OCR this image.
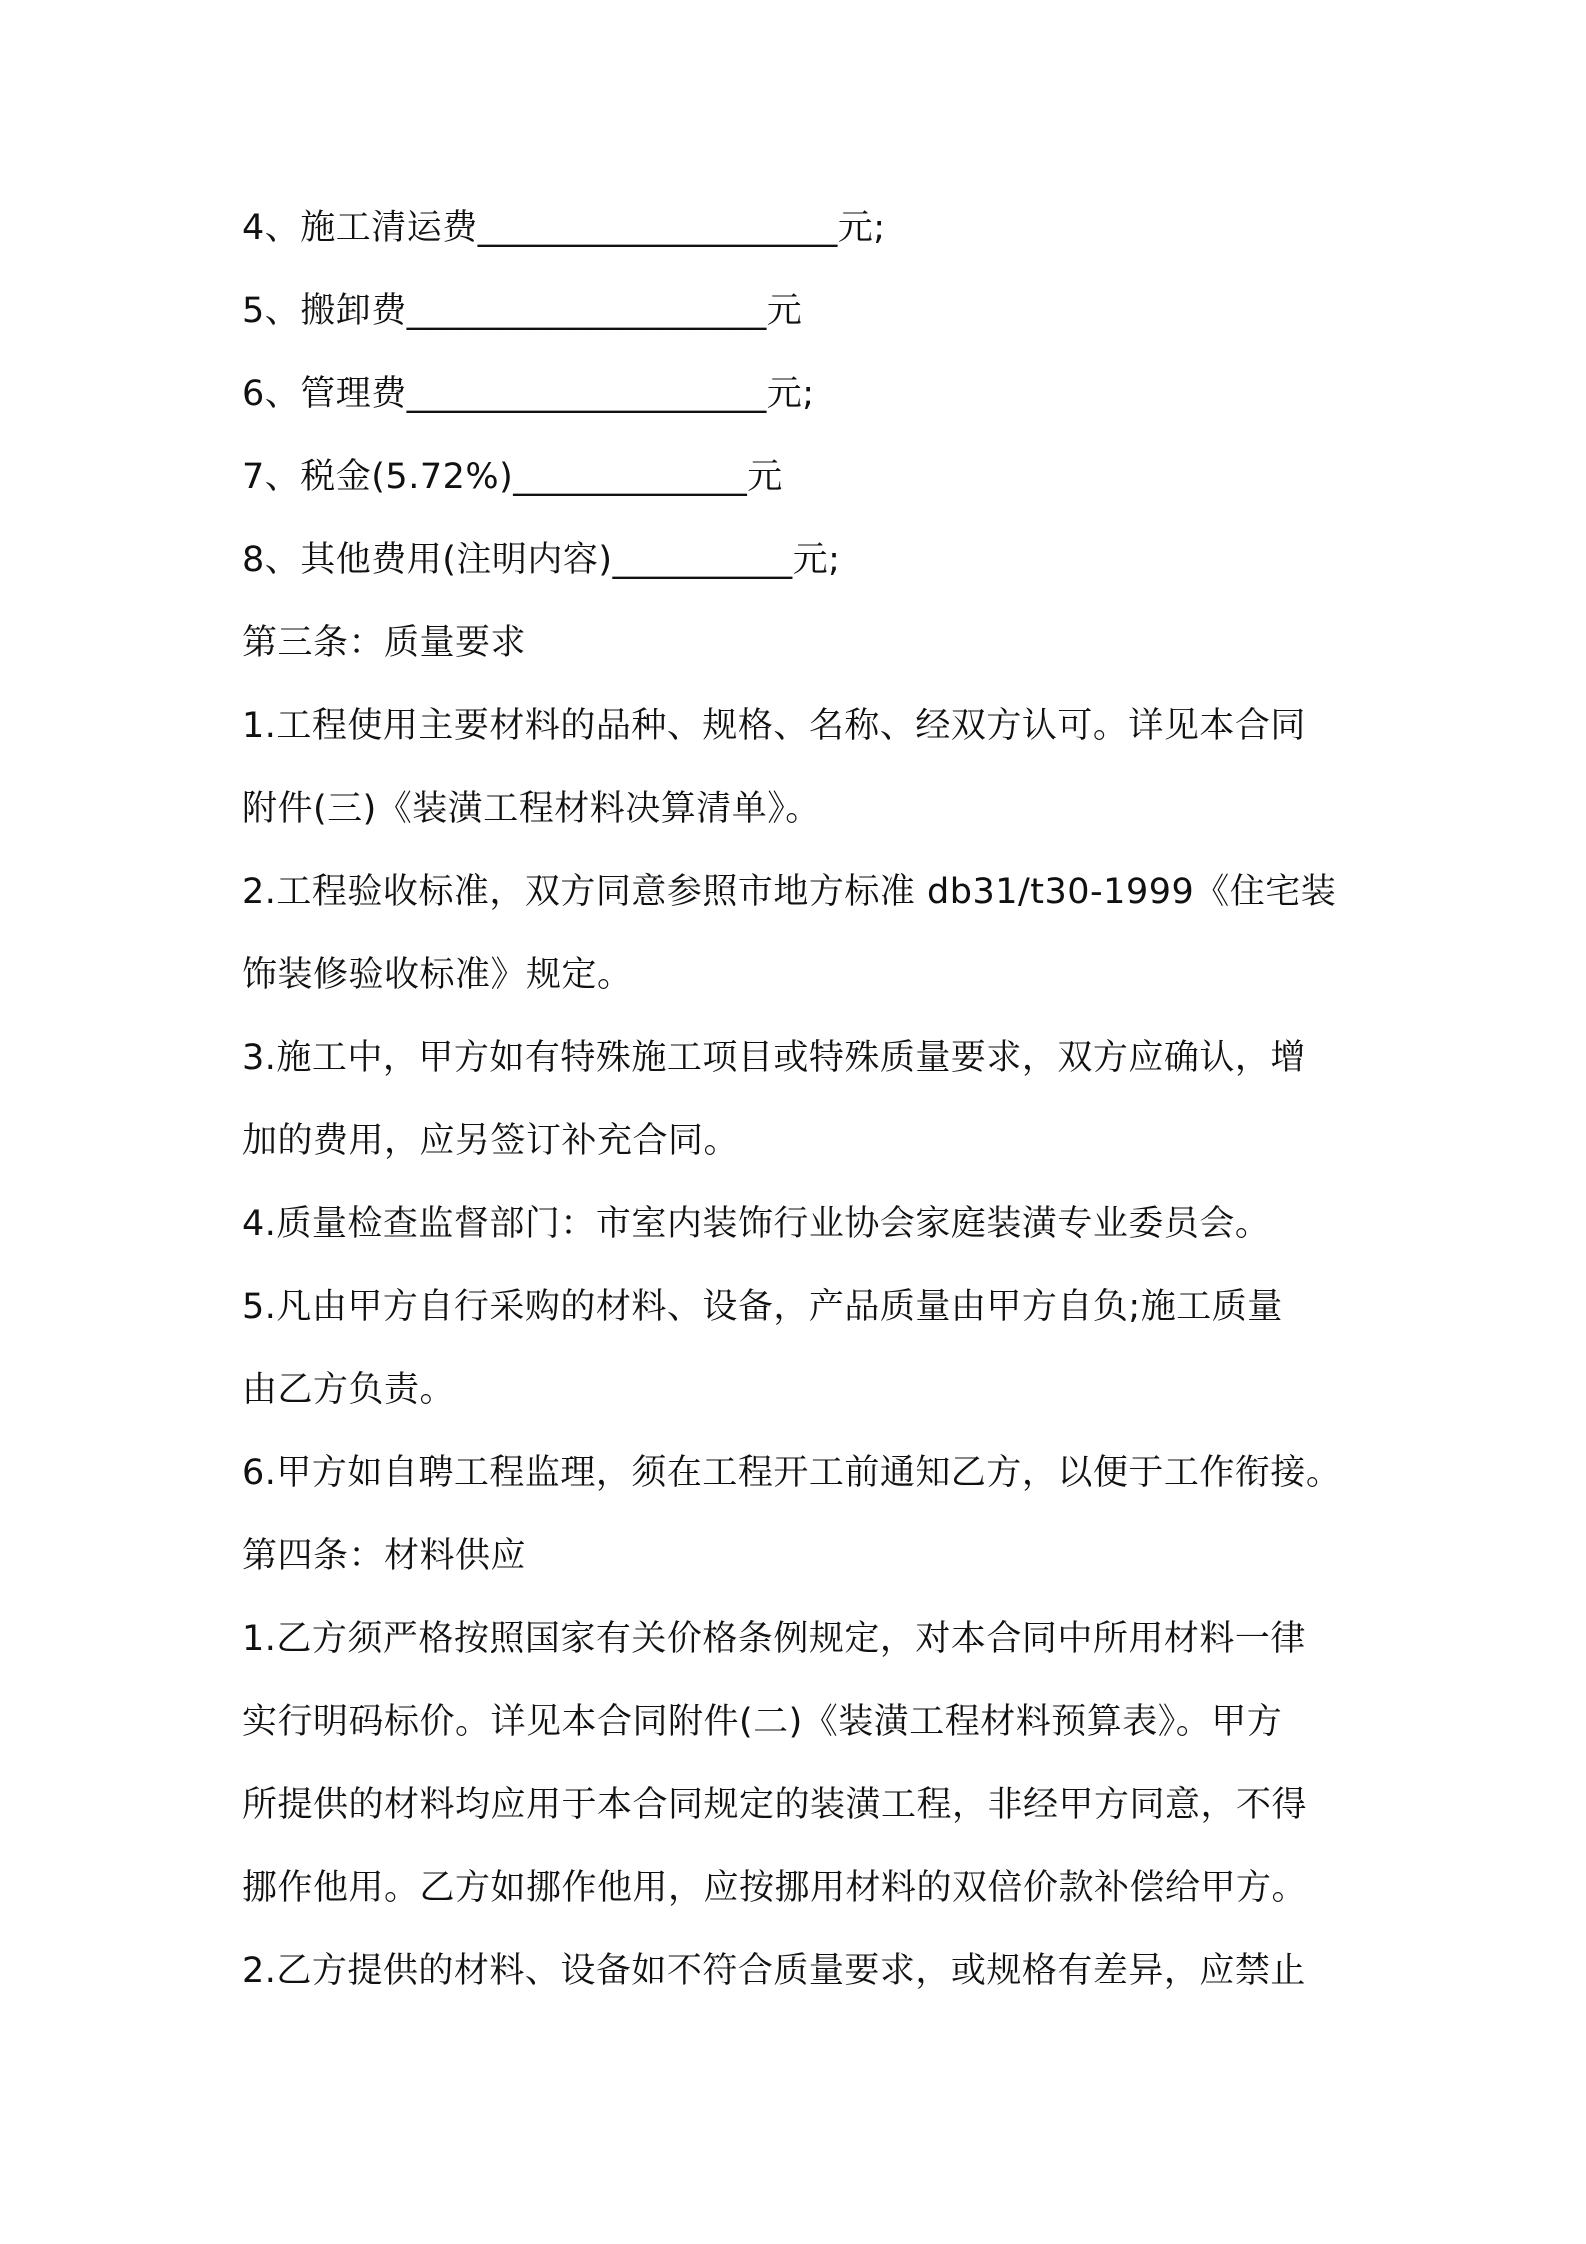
4、施工清运费____________________元;
5、搬卸费____________________元
6、管理费____________________元;
7、税金(5.72%)_____________元
8、其他费用(注明内容)__________元;
第三条：质量要求
1.工程使用主要材料的品种、规格、名称、经双方认可。详见本合同
附件(三)《装潢工程材料决算清单》。
2.工程验收标准，双方同意参照市地方标准 db31/t30-1999《住宅装
饰装修验收标准》规定。
3.施工中，甲方如有特殊施工项目或特殊质量要求，双方应确认，增
加的费用，应另签订补充合同。
4.质量检查监督部门：市室内装饰行业协会家庭装潢专业委员会。
5.凡由甲方自行采购的材料、设备，产品质量由甲方自负;施工质量
由乙方负责。
6.甲方如自聘工程监理，须在工程开工前通知乙方，以便于工作衔接。
第四条：材料供应
1.乙方须严格按照国家有关价格条例规定，对本合同中所用材料一律
实行明码标价。详见本合同附件(二)《装潢工程材料预算表》。甲方
所提供的材料均应用于本合同规定的装潢工程，非经甲方同意，不得
挪作他用。乙方如挪作他用，应按挪用材料的双倍价款补偿给甲方。
2.乙方提供的材料、设备如不符合质量要求，或规格有差异，应禁止
